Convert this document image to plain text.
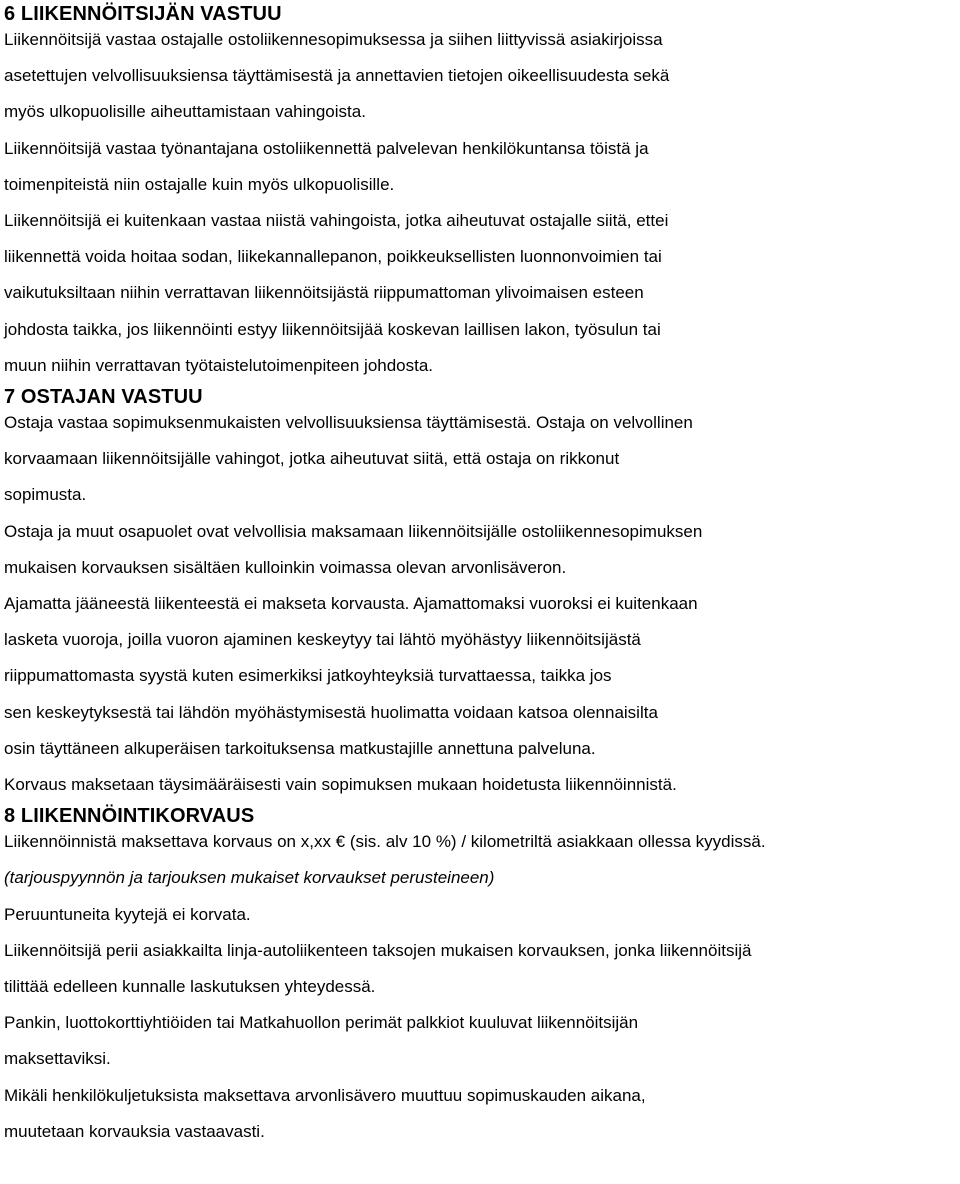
6 LIIKENNÖITSIJÄN VASTUU

Liikennöitsijä vastaa ostajalle ostoliikennesopimuksessa ja siihen liittyvissä asiakirjoissa
asetettujen velvollisuuksiensa täyttämisestä ja annettavien tietojen oikeellisuudesta sekä
myös ulkopuolisille aiheuttamistaan vahingoista.

Liikennöitsijä vastaa työnantajana ostoliikennettä palvelevan henkilökuntansa töistä ja
toimenpiteistä niin ostajalle kuin myös ulkopuolisille.

Liikennöitsijä ei kuitenkaan vastaa niistä vahingoista, jotka aiheutuvat ostajalle siitä, ettei
liikennettä voida hoitaa sodan, liikekannallepanon, poikkeuksellisten luonnonvoimien tai
vaikutuksiltaan niihin verrattavan liikennöitsijästä riippumattoman ylivoimaisen esteen
johdosta taikka, jos liikennöinti estyy liikennöitsijää koskevan laillisen lakon, työsulun tai
muun niihin verrattavan työtaistelutoimenpiteen johdosta.

7 OSTAJAN VASTUU

Ostaja vastaa sopimuksenmukaisten velvollisuuksiensa täyttämisestä. Ostaja on velvollinen
korvaamaan liikennöitsijälle vahingot, jotka aiheutuvat siitä, että ostaja on rikkonut
sopimusta.

Ostaja ja muut osapuolet ovat velvollisia maksamaan liikennöitsijälle ostoliikennesopimuksen
mukaisen korvauksen sisältäen kulloinkin voimassa olevan arvonlisäveron.

Ajamatta jääneestä liikenteestä ei makseta korvausta. Ajamattomaksi vuoroksi ei kuitenkaan
lasketa vuoroja, joilla vuoron ajaminen keskeytyy tai lähtö myöhästyy liikennöitsijästä
riippumattomasta syystä kuten esimerkiksi jatkoyhteyksiä turvattaessa, taikka jos
sen keskeytyksestä tai lähdön myöhästymisestä huolimatta voidaan katsoa olennaisilta
osin täyttäneen alkuperäisen tarkoituksensa matkustajille annettuna palveluna.

Korvaus maksetaan täysimääräisesti vain sopimuksen mukaan hoidetusta liikennöinnistä.

8 LIIKENNÖINTIKORVAUS

Liikennöinnistä maksettava korvaus on x,xx € (sis. alv 10 %) / kilometriltä asiakkaan ollessa kyydissä.

(tarjouspyynnön ja tarjouksen mukaiset korvaukset perusteineen)

Peruuntuneita kyytejä ei korvata.

Liikennöitsijä perii asiakkailta linja-autoliikenteen taksojen mukaisen korvauksen, jonka liikennöitsijä
tilittää edelleen kunnalle laskutuksen yhteydessä.

Pankin, luottokorttiyhtiöiden tai Matkahuollon perimät palkkiot kuuluvat liikennöitsijän
maksettaviksi.

Mikäli henkilökuljetuksista maksettava arvonlisävero muuttuu sopimuskauden aikana,
muutetaan korvauksia vastaavasti.
